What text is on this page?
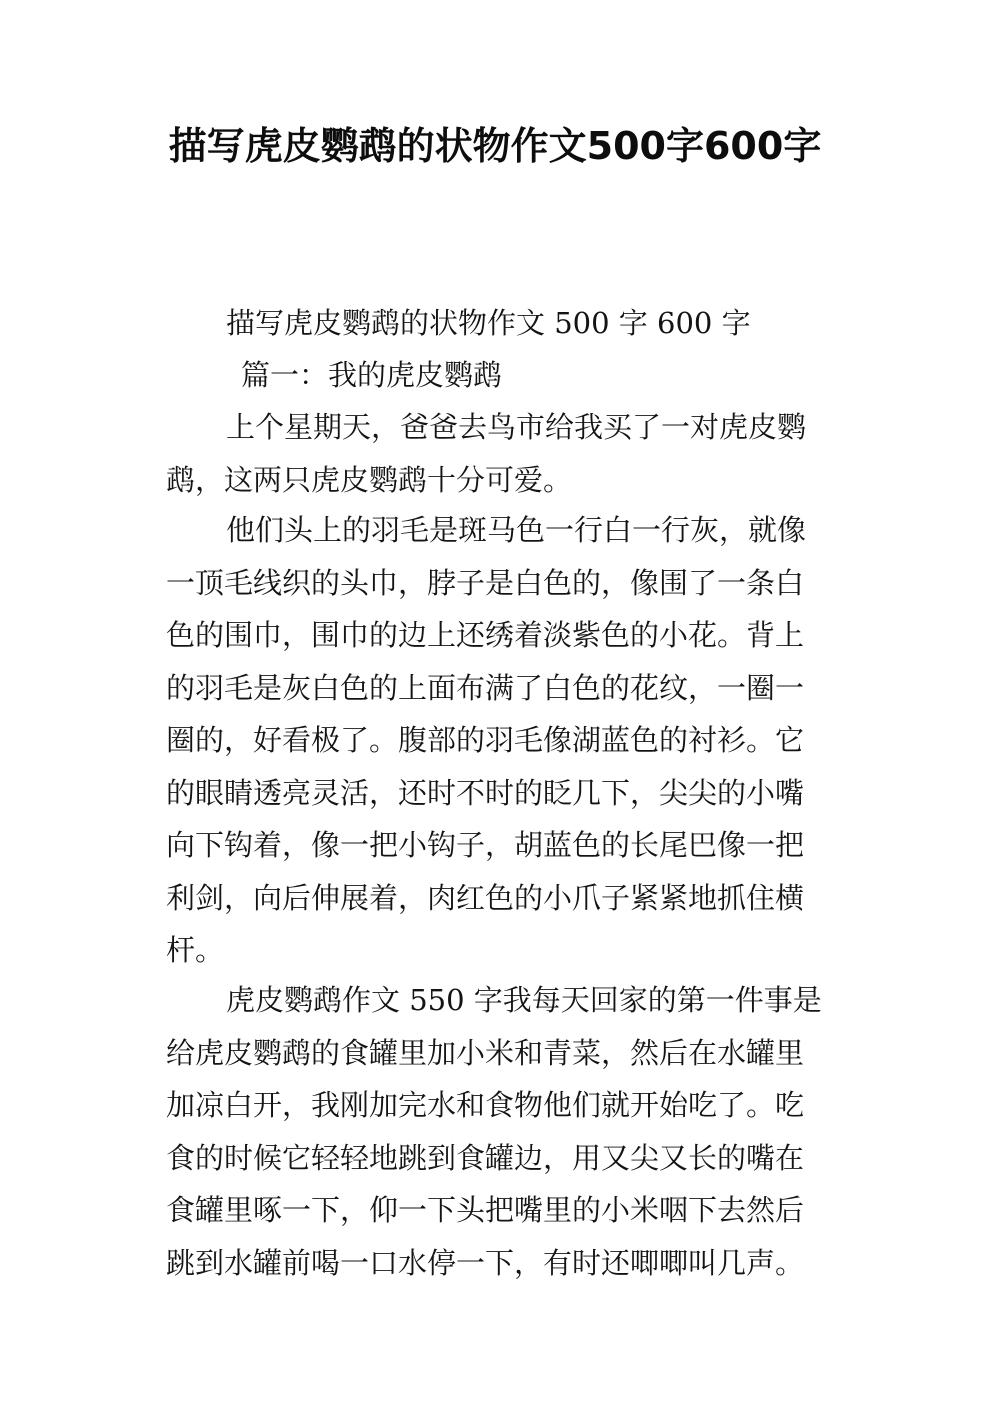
描写虎皮鹦鹉的状物作文500字600字

描写虎皮鹦鹉的状物作文 500 字 600 字

篇一：我的虎皮鹦鹉

上个星期天，爸爸去鸟市给我买了一对虎皮鹦鹉，这两只虎皮鹦鹉十分可爱。

他们头上的羽毛是斑马色一行白一行灰，就像一顶毛线织的头巾，脖子是白色的，像围了一条白色的围巾，围巾的边上还绣着淡紫色的小花。背上的羽毛是灰白色的上面布满了白色的花纹，一圈一圈的，好看极了。腹部的羽毛像湖蓝色的衬衫。它的眼睛透亮灵活，还时不时的眨几下，尖尖的小嘴向下钩着，像一把小钩子，胡蓝色的长尾巴像一把利剑，向后伸展着，肉红色的小爪子紧紧地抓住横杆。

虎皮鹦鹉作文 550 字我每天回家的第一件事是给虎皮鹦鹉的食罐里加小米和青菜，然后在水罐里加凉白开，我刚加完水和食物他们就开始吃了。吃食的时候它轻轻地跳到食罐边，用又尖又长的嘴在食罐里啄一下，仰一下头把嘴里的小米咽下去然后跳到水罐前喝一口水停一下，有时还唧唧叫几声。
